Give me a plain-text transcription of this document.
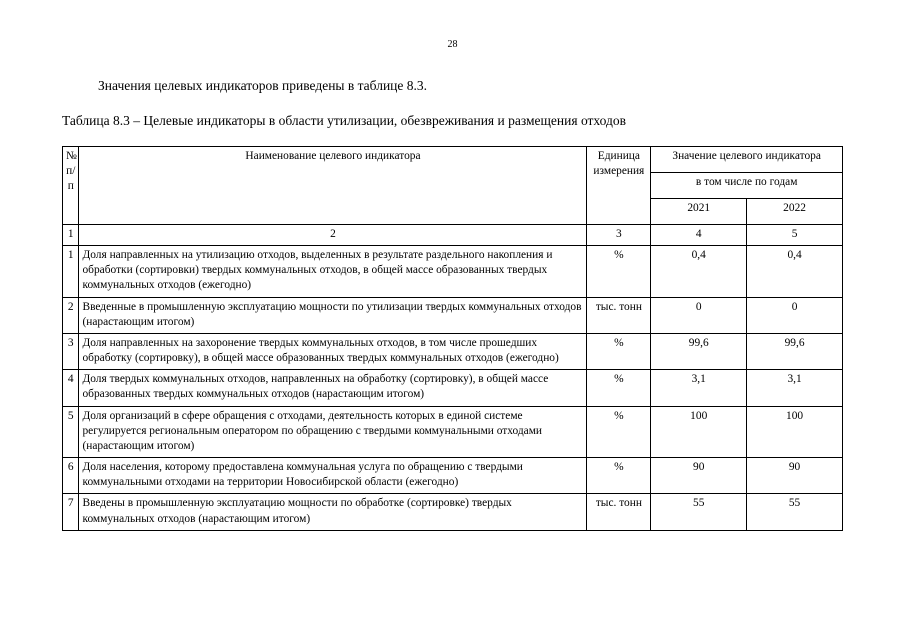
28
Значения целевых индикаторов приведены в таблице 8.3.
Таблица 8.3 – Целевые индикаторы в области утилизации, обезвреживания и размещения отходов
№ п/п	Наименование целевого индикатора	Единица измерения	Значение целевого индикатора	
			в том числе по годам	
			2021	2022
1	2	3	4	5
1	Доля направленных на утилизацию отходов, выделенных в результате раздельного накопления и обработки (сортировки) твердых коммунальных отходов, в общей массе образованных твердых коммунальных отходов (ежегодно)	%	0,4	0,4
2	Введенные в промышленную эксплуатацию мощности по утилизации твердых коммунальных отходов (нарастающим итогом)	тыс. тонн	0	0
3	Доля направленных на захоронение твердых коммунальных отходов, в том числе прошедших обработку (сортировку), в общей массе образованных твердых коммунальных отходов (ежегодно)	%	99,6	99,6
4	Доля твердых коммунальных отходов, направленных на обработку (сортировку), в общей массе образованных твердых коммунальных отходов (нарастающим итогом)	%	3,1	3,1
5	Доля организаций в сфере обращения с отходами, деятельность которых в единой системе регулируется региональным оператором по обращению с твердыми коммунальными отходами (нарастающим итогом)	%	100	100
6	Доля населения, которому предоставлена коммунальная услуга по обращению с твердыми коммунальными отходами на территории Новосибирской области (ежегодно)	%	90	90
7	Введены в промышленную эксплуатацию мощности по обработке (сортировке) твердых коммунальных отходов (нарастающим итогом)	тыс. тонн	55	55
